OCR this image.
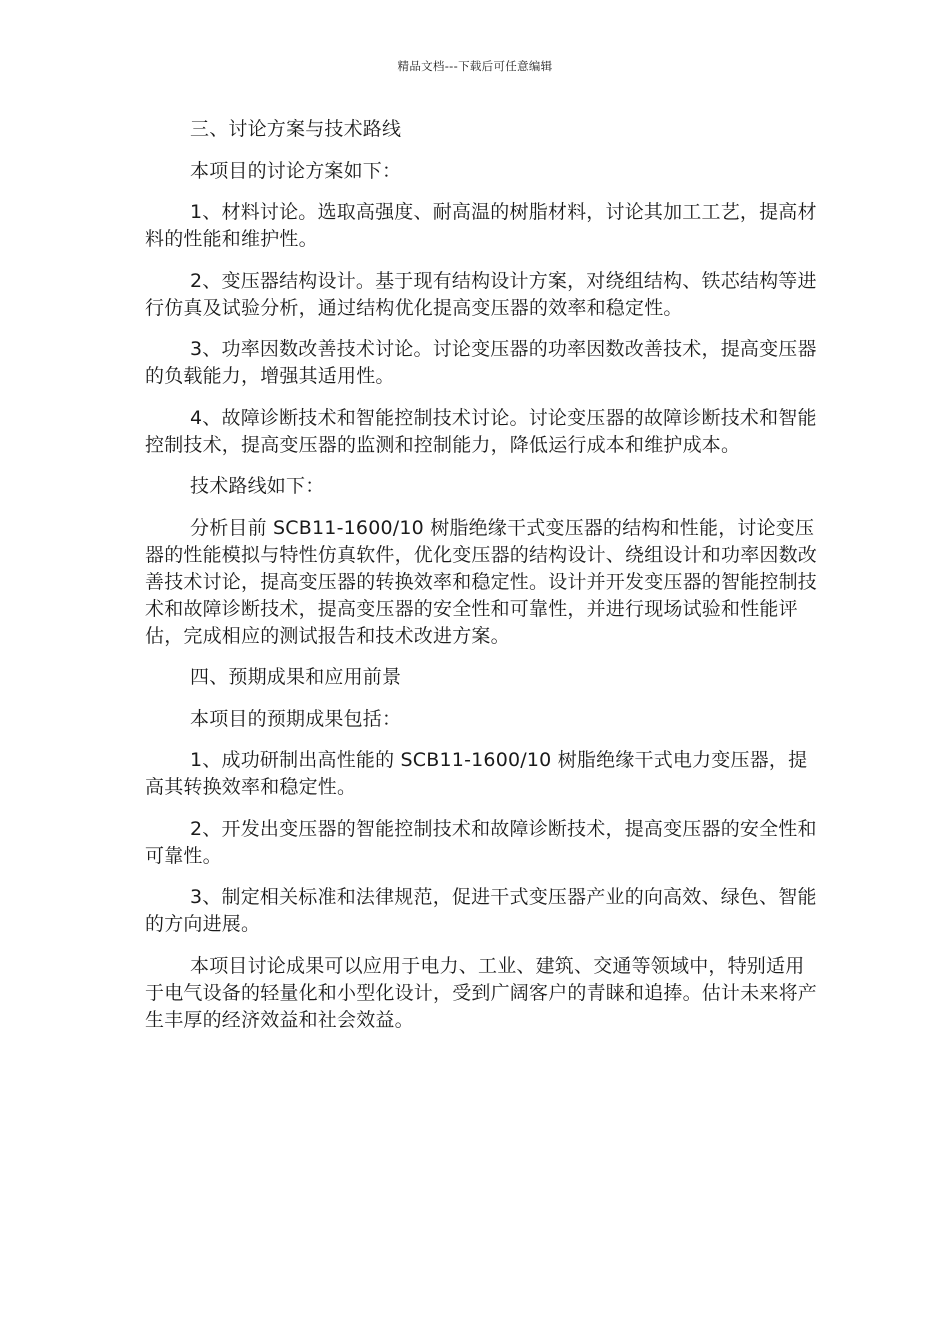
精品文档---下载后可任意编辑

三、讨论方案与技术路线

本项目的讨论方案如下：

1、材料讨论。选取高强度、耐高温的树脂材料，讨论其加工工艺，提高材料的性能和维护性。

2、变压器结构设计。基于现有结构设计方案，对绕组结构、铁芯结构等进行仿真及试验分析，通过结构优化提高变压器的效率和稳定性。

3、功率因数改善技术讨论。讨论变压器的功率因数改善技术，提高变压器的负载能力，增强其适用性。

4、故障诊断技术和智能控制技术讨论。讨论变压器的故障诊断技术和智能控制技术，提高变压器的监测和控制能力，降低运行成本和维护成本。

技术路线如下：

分析目前 SCB11-1600/10 树脂绝缘干式变压器的结构和性能，讨论变压器的性能模拟与特性仿真软件，优化变压器的结构设计、绕组设计和功率因数改善技术讨论，提高变压器的转换效率和稳定性。设计并开发变压器的智能控制技术和故障诊断技术，提高变压器的安全性和可靠性，并进行现场试验和性能评估，完成相应的测试报告和技术改进方案。

四、预期成果和应用前景

本项目的预期成果包括：

1、成功研制出高性能的 SCB11-1600/10 树脂绝缘干式电力变压器，提高其转换效率和稳定性。

2、开发出变压器的智能控制技术和故障诊断技术，提高变压器的安全性和可靠性。

3、制定相关标准和法律规范，促进干式变压器产业的向高效、绿色、智能的方向进展。

本项目讨论成果可以应用于电力、工业、建筑、交通等领域中，特别适用于电气设备的轻量化和小型化设计，受到广阔客户的青睐和追捧。估计未来将产生丰厚的经济效益和社会效益。
